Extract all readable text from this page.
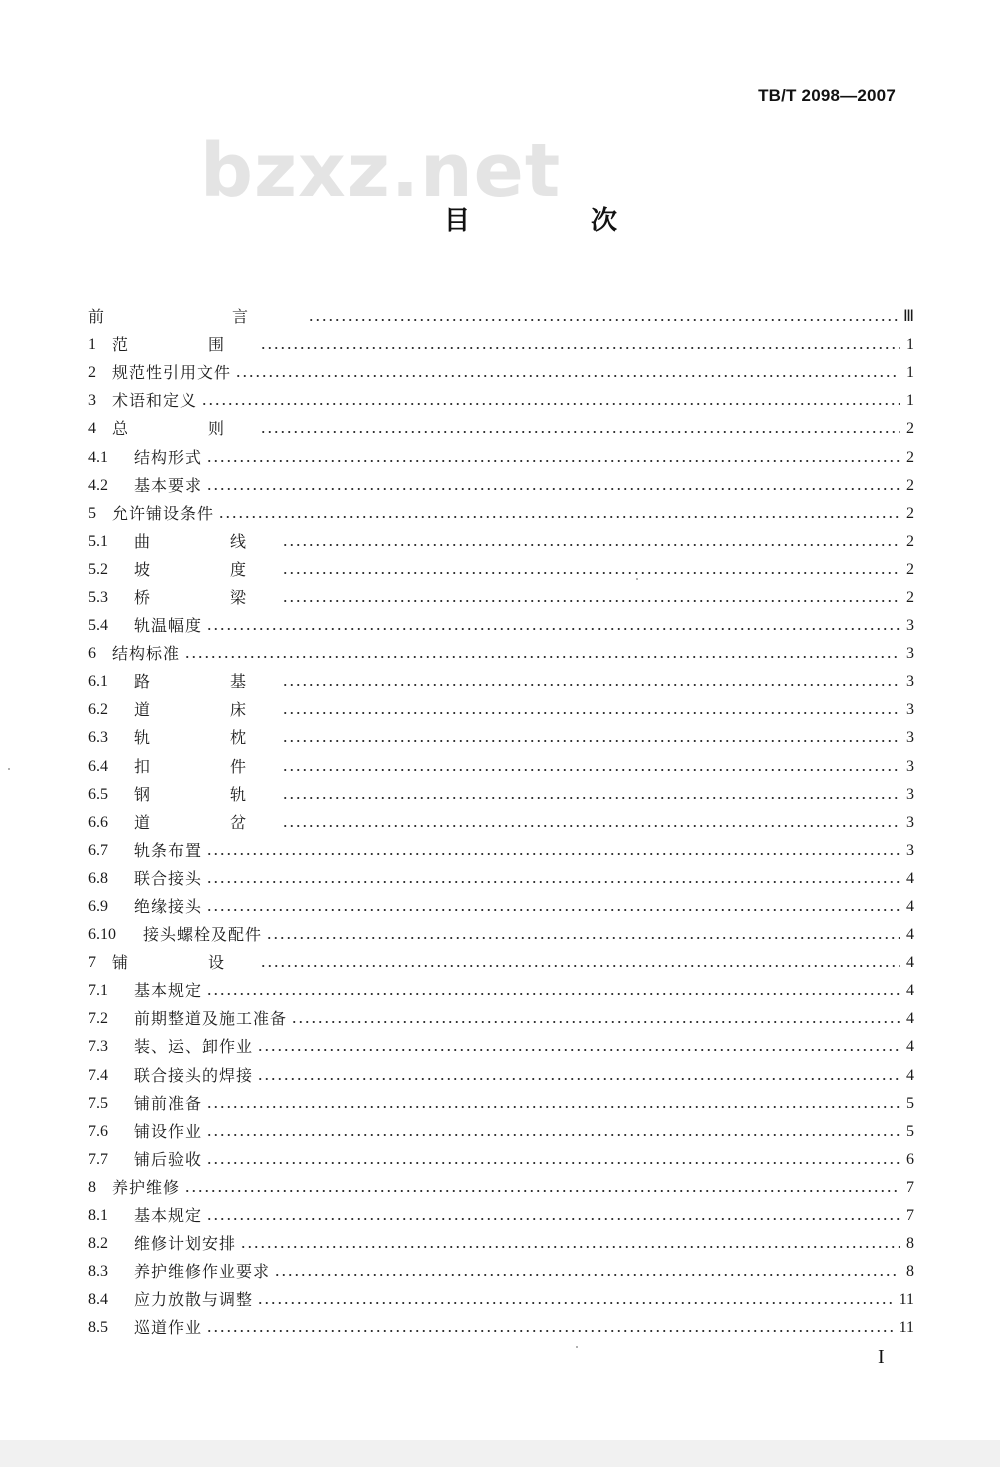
TB/T 2098—2007
bzxz.net
目 次
前　言	Ⅲ
1	范　围	1
2	规范性引用文件	1
3	术语和定义	1
4	总　则	2
4.1	结构形式	2
4.2	基本要求	2
5	允许铺设条件	2
5.1	曲　线	2
5.2	坡　度	2
5.3	桥　梁	2
5.4	轨温幅度	3
6	结构标准	3
6.1	路　基	3
6.2	道　床	3
6.3	轨　枕	3
6.4	扣　件	3
6.5	钢　轨	3
6.6	道　岔	3
6.7	轨条布置	3
6.8	联合接头	4
6.9	绝缘接头	4
6.10	接头螺栓及配件	4
7	铺　设	4
7.1	基本规定	4
7.2	前期整道及施工准备	4
7.3	装、运、卸作业	4
7.4	联合接头的焊接	4
7.5	铺前准备	5
7.6	铺设作业	5
7.7	铺后验收	6
8	养护维修	7
8.1	基本规定	7
8.2	维修计划安排	8
8.3	养护维修作业要求	8
8.4	应力放散与调整	11
8.5	巡道作业	11
I
